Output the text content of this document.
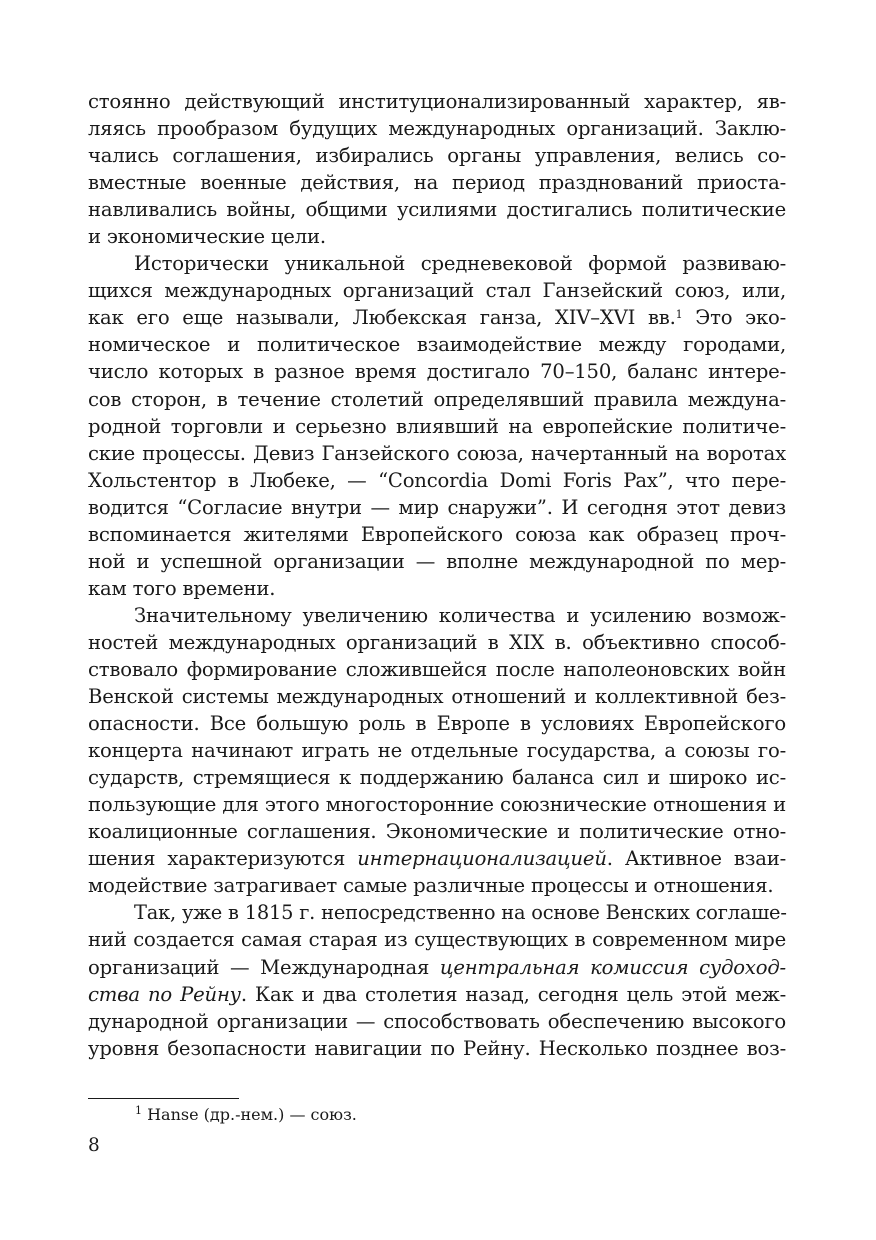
стоянно действующий институционализированный характер, яв-
ляясь прообразом будущих международных организаций. Заклю-
чались соглашения, избирались органы управления, велись со-
вместные военные действия, на период празднований приоста-
навливались войны, общими усилиями достигались политические
и экономические цели.
Исторически уникальной средневековой формой развиваю-
щихся международных организаций стал Ганзейский союз, или,
как его еще называли, Любекская ганза, XIV–XVI вв.$^1$ Это эко-
номическое и политическое взаимодействие между городами,
число которых в разное время достигало 70–150, баланс интере-
сов сторон, в течение столетий определявший правила междуна-
родной торговли и серьезно влиявший на европейские политиче-
ские процессы. Девиз Ганзейского союза, начертанный на воротах
Хольстентор в Любеке, — “Concordia Domi Foris Pax”, что пере-
водится “Согласие внутри — мир снаружи”. И сегодня этот девиз
вспоминается жителями Европейского союза как образец проч-
ной и успешной организации — вполне международной по мер-
кам того времени.
Значительному увеличению количества и усилению возмож-
ностей международных организаций в XIX в. объективно способ-
ствовало формирование сложившейся после наполеоновских войн
Венской системы международных отношений и коллективной без-
опасности. Все большую роль в Европе в условиях Европейского
концерта начинают играть не отдельные государства, а союзы го-
сударств, стремящиеся к поддержанию баланса сил и широко ис-
пользующие для этого многосторонние союзнические отношения и
коалиционные соглашения. Экономические и политические отно-
шения характеризуются интернационализацией. Активное взаи-
модействие затрагивает самые различные процессы и отношения.
Так, уже в 1815 г. непосредственно на основе Венских соглаше-
ний создается самая старая из существующих в современном мире
организаций — Международная центральная комиссия судоход-
ства по Рейну. Как и два столетия назад, сегодня цель этой меж-
дународной организации — способствовать обеспечению высокого
уровня безопасности навигации по Рейну. Несколько позднее воз-
$^1$ Hanse (др.-нем.) — союз.
8
